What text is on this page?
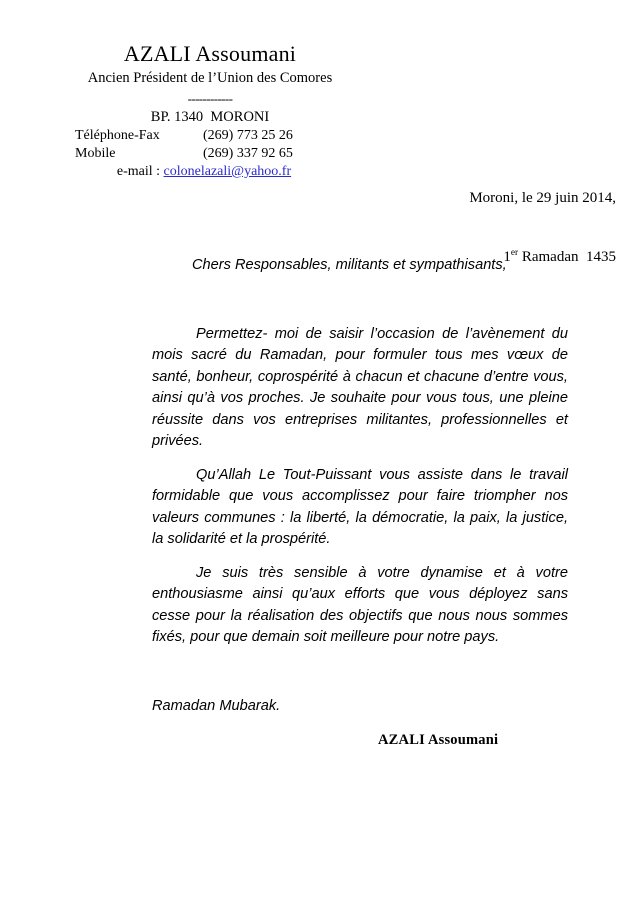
AZALI Assoumani
Ancien Président de l’Union des Comores
------------
BP. 1340  MORONI
Téléphone-Fax	(269) 773 25 26
Mobile	(269) 337 92 65
e-mail : colonelazali@yahoo.fr

Moroni, le 29 juin 2014,

1er Ramadan  1435

Chers Responsables, militants et sympathisants,

Permettez- moi de saisir l’occasion de l’avènement du mois sacré du Ramadan, pour formuler tous mes vœux de santé, bonheur, coprospérité à chacun et chacune d’entre vous, ainsi qu’à vos proches. Je souhaite pour vous tous, une pleine réussite dans vos entreprises militantes, professionnelles et privées.

Qu’Allah Le Tout-Puissant vous assiste dans le travail formidable que vous accomplissez pour faire triompher nos valeurs communes : la liberté, la démocratie, la paix, la justice, la solidarité et la prospérité.

Je suis très sensible à votre dynamise et à votre enthousiasme ainsi qu’aux efforts que vous déployez sans cesse pour la réalisation des objectifs que nous nous sommes fixés, pour que demain soit meilleure pour notre pays.

Ramadan Mubarak.

AZALI Assoumani
